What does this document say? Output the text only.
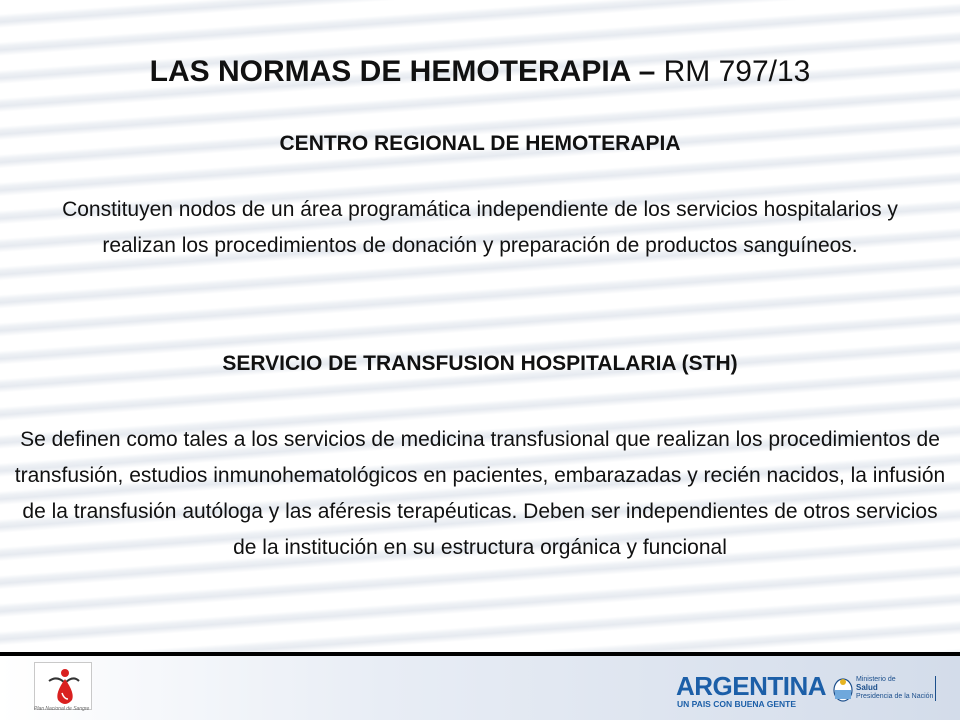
LAS NORMAS DE HEMOTERAPIA – RM 797/13
CENTRO REGIONAL DE HEMOTERAPIA
Constituyen nodos de un área programática independiente de los servicios hospitalarios y realizan los procedimientos de donación y preparación de productos sanguíneos.
SERVICIO DE TRANSFUSION HOSPITALARIA (STH)
Se definen como tales a los servicios de medicina transfusional que realizan los procedimientos de transfusión, estudios inmunohematológicos en pacientes, embarazadas y recién nacidos, la infusión de la transfusión autóloga y las aféresis terapéuticas. Deben ser independientes de otros servicios de la institución en su estructura orgánica y funcional
Plan Nacional de Sangre
ARGENTINA
UN PAIS CON BUENA GENTE
Ministerio de
Salud
Presidencia de la Nación
